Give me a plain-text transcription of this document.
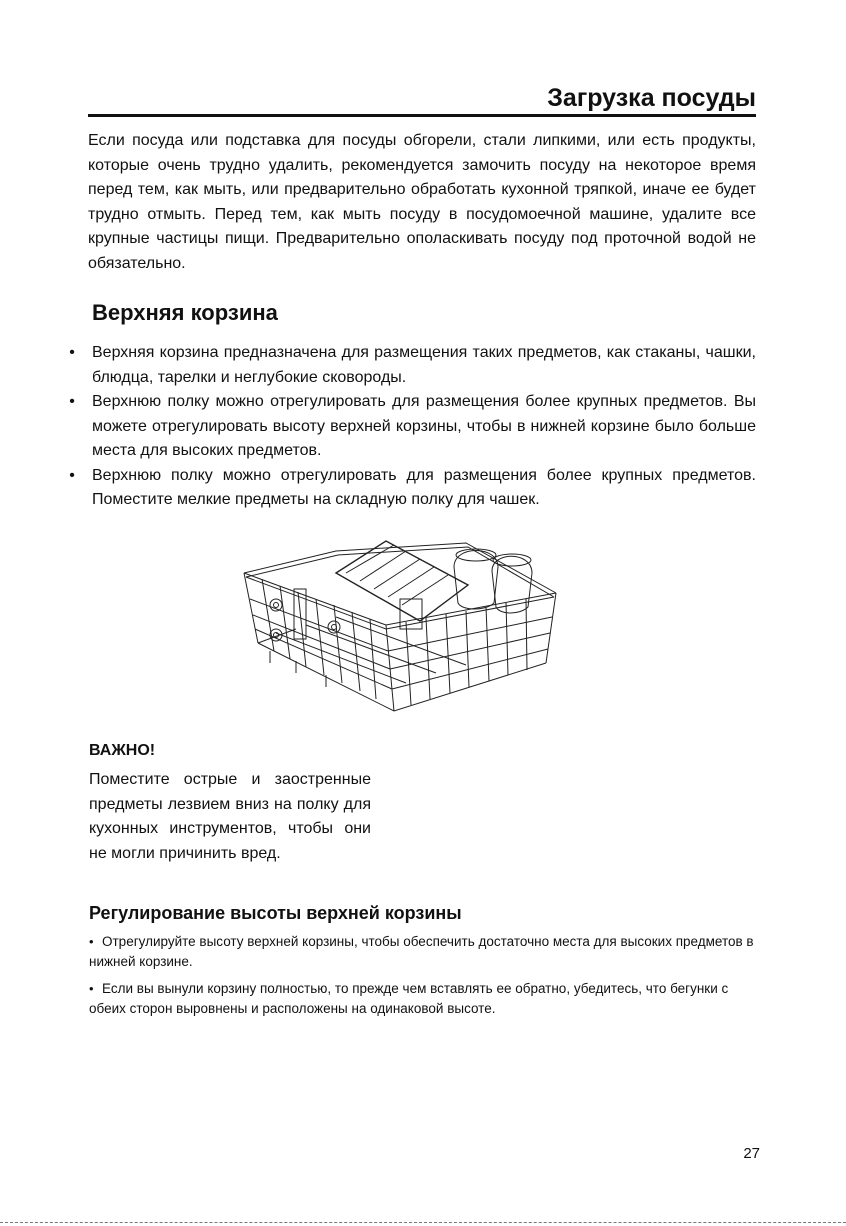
Загрузка посуды

Если посуда или подставка для посуды обгорели, стали липкими, или есть продукты, которые очень трудно удалить, рекомендуется замочить посуду на некоторое время перед тем, как мыть, или предварительно обработать кухонной тряпкой, иначе ее будет трудно отмыть. Перед тем, как мыть посуду в посудомоечной машине, удалите все крупные частицы пищи. Предварительно ополаскивать посуду под проточной водой не обязательно.

Верхняя корзина
• Верхняя корзина предназначена для размещения таких предметов, как стаканы, чашки, блюдца, тарелки и неглубокие сковороды.
• Верхнюю полку можно отрегулировать для размещения более крупных предметов. Вы можете отрегулировать высоту верхней корзины, чтобы в нижней корзине было больше места для высоких предметов.
• Верхнюю полку можно отрегулировать для размещения более крупных предметов. Поместите мелкие предметы на складную полку для чашек.
ВАЖНО!

Поместите острые и заостренные предметы лезвием вниз на полку для кухонных инструментов, чтобы они не могли причинить вред.

Регулирование высоты верхней корзины
• Отрегулируйте высоту верхней корзины, чтобы обеспечить достаточно места для высоких предметов в нижней корзине.
• Если вы вынули корзину полностью, то прежде чем вставлять ее обратно, убедитесь, что бегунки с обеих сторон выровнены и расположены на одинаковой высоте.

27
